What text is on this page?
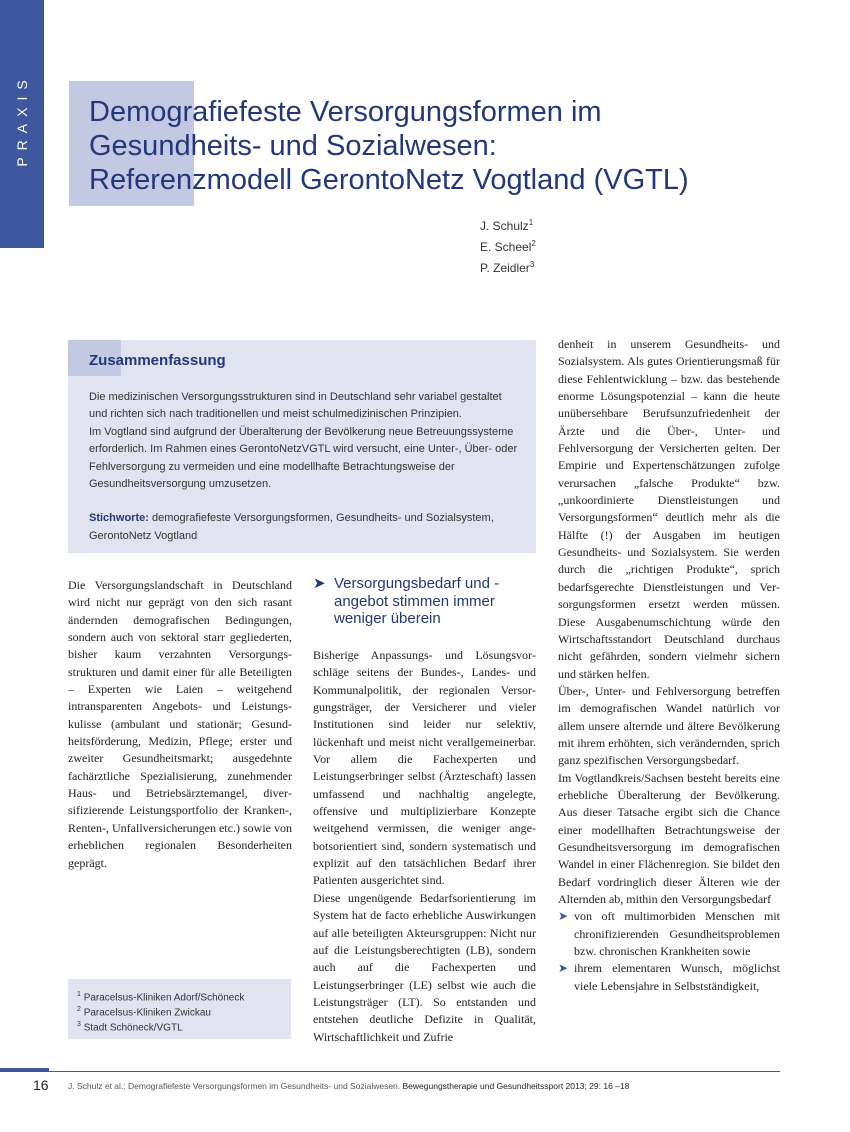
PRAXIS Demografiefeste Versorgungsformen im
Gesundheits- und Sozialwesen:
Referenzmodell GerontoNetz Vogtland (VGTL)
J. Schulz$^1$
E. Scheel$^2$
P. Zeidler$^3$
Zusammenfassung

Die medizinischen Versorgungsstrukturen sind in Deutschland sehr variabel gestaltet und richten sich nach traditionellen und meist schulmedizinischen Prinzipien.

Im Vogtland sind aufgrund der Überalterung der Bevölkerung neue Betreuungssysteme erforderlich. Im Rahmen eines GerontoNetzVGTL wird versucht, eine Unter-, Über- oder Fehlversorgung zu vermeiden und eine modellhafte Betrachtungsweise der Gesundheitsversorgung umzusetzen.

Stichworte: demografiefeste Versorgungsformen, Gesundheits- und Sozialsystem, GerontoNetz Vogtland

Die Versorgungslandschaft in Deutschland wird nicht nur geprägt von den sich rasant ändernden demografischen Bedingungen, sondern auch von sektoral starr gegliederten, bisher kaum verzahnten Versorgungsstrukturen und damit einer für alle Beteiligten – Experten wie Laien – weitgehend intransparenten Angebots- und Leistungskulisse (ambulant und stationär; Gesundheitsförderung, Medizin, Pflege; erster und zweiter Gesundheitsmarkt; ausgedehnte fachärztliche Spezialisierung, zunehmender Haus- und Betriebsärztemangel, diversifizierende Leistungsportfolio der Kranken-, Renten-, Unfallversicherungen etc.) sowie von erheblichen regionalen Besonderheiten geprägt.

➤ Versorgungsbedarf und -angebot stimmen immer weniger überein

Bisherige Anpassungs- und Lösungsvorschläge seitens der Bundes-, Landes- und Kommunalpolitik, der regionalen Versorgungsträger, der Versicherer und vieler Institutionen sind leider nur selektiv, lückenhaft und meist nicht verallgemeinerbar. Vor allem die Fachexperten und Leistungserbringer selbst (Ärzteschaft) lassen umfassend und nachhaltig angelegte, offensive und multiplizierbare Konzepte weitgehend vermissen, die weniger angebotsorientiert sind, sondern systematisch und explizit auf den tatsächlichen Bedarf ihrer Patienten ausgerichtet sind.

Diese ungenügende Bedarfsorientierung im System hat de facto erhebliche Auswirkungen auf alle beteiligten Akteursgruppen: Nicht nur auf die Leistungsberechtigten (LB), sondern auch auf die Fachexperten und Leistungserbringer (LE) selbst wie auch die Leistungsträger (LT). So entstanden und entstehen deutliche Defizite in Qualität, Wirtschaftlichkeit und Zufrie

denheit in unserem Gesundheits- und Sozialsystem. Als gutes Orientierungsmaß für diese Fehlentwicklung – bzw. das bestehende enorme Lösungspotenzial – kann die heute unübersehbare Berufsunzufriedenheit der Ärzte und die Über-, Unter- und Fehlversorgung der Versicherten gelten. Der Empirie und Expertenschätzungen zufolge verursachen „falsche Produkte“ bzw. „unkoordinierte Dienstleistungen und Versorgungsformen“ deutlich mehr als die Hälfte (!) der Ausgaben im heutigen Gesundheits- und Sozialsystem. Sie werden durch die „richtigen Produkte“, sprich bedarfsgerechte Dienstleistungen und Versorgungsformen ersetzt werden müssen. Diese Ausgabenumschichtung würde den Wirtschaftsstandort Deutschland durchaus nicht gefährden, sondern vielmehr sichern und stärken helfen.

Über-, Unter- und Fehlversorgung betreffen im demografischen Wandel natürlich vor allem unsere alternde und ältere Bevölkerung mit ihrem erhöhten, sich verändernden, sprich ganz spezifischen Versorgungsbedarf.

Im Vogtlandkreis/Sachsen besteht bereits eine erhebliche Überalterung der Bevölkerung. Aus dieser Tatsache ergibt sich die Chance einer modellhaften Betrachtungsweise der Gesundheitsversorgung im demografischen Wandel in einer Flächenregion. Sie bildet den Bedarf vordringlich dieser Älteren wie der Alternden ab, mithin den Versorgungsbedarf

➤ von oft multimorbiden Menschen mit chronifizierenden Gesundheitsproblemen bzw. chronischen Krankheiten sowie
➤ ihrem elementaren Wunsch, möglichst viele Lebensjahre in Selbstständigkeit,
$^1$ Paracelsus-Kliniken Adorf/Schöneck
$^2$ Paracelsus-Kliniken Zwickau
$^3$ Stadt Schöneck/VGTL
16 J. Schulz et al.: Demografiefeste Versorgungsformen im Gesundheits- und Sozialwesen. Bewegungstherapie und Gesundheitssport 2013; 29: 16 –18
